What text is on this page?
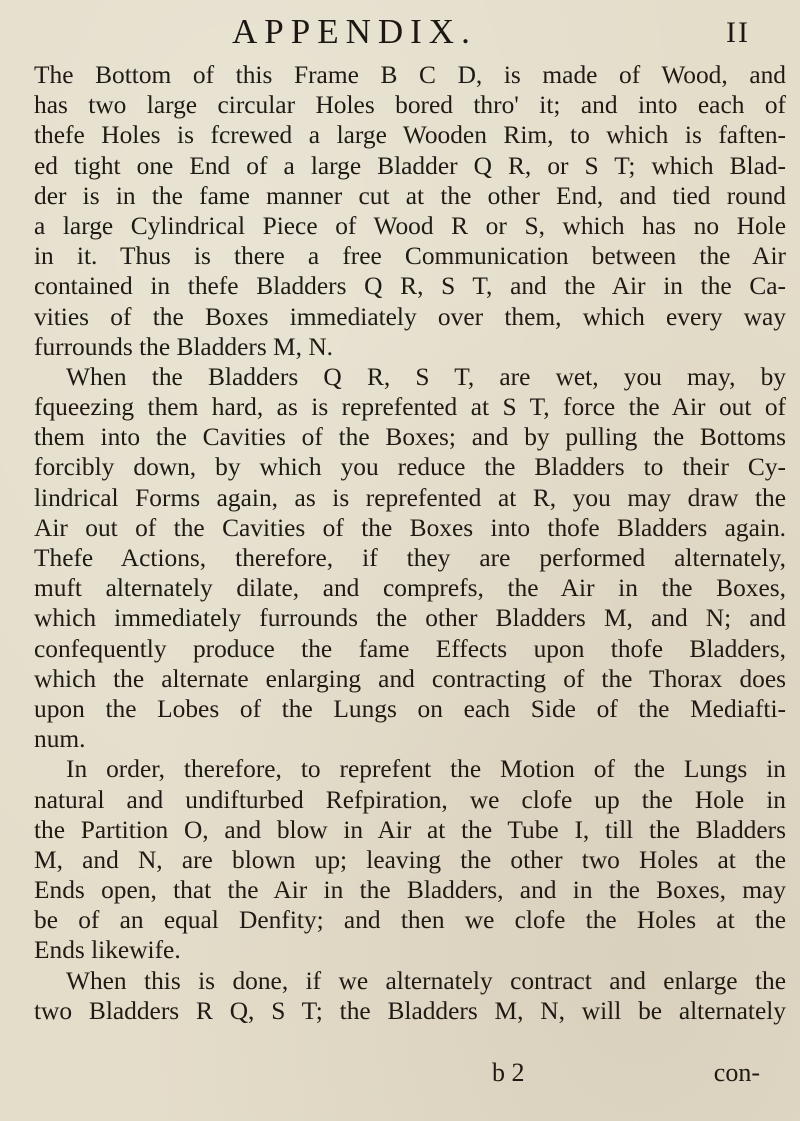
APPENDIX.	II
The Bottom of this Frame B C D, is made of Wood, and
has two large circular Holes bored thro' it; and into each of
thefe Holes is fcrewed a large Wooden Rim, to which is faften-
ed tight one End of a large Bladder Q R, or S T; which Blad-
der is in the fame manner cut at the other End, and tied round
a large Cylindrical Piece of Wood R or S, which has no Hole
in it. Thus is there a free Communication between the Air
contained in thefe Bladders Q R, S T, and the Air in the Ca-
vities of the Boxes immediately over them, which every way
furrounds the Bladders M, N.
When the Bladders Q R, S T, are wet, you may, by
fqueezing them hard, as is reprefented at S T, force the Air out of
them into the Cavities of the Boxes; and by pulling the Bottoms
forcibly down, by which you reduce the Bladders to their Cy-
lindrical Forms again, as is reprefented at R, you may draw the
Air out of the Cavities of the Boxes into thofe Bladders again.
Thefe Actions, therefore, if they are performed alternately,
muft alternately dilate, and comprefs, the Air in the Boxes,
which immediately furrounds the other Bladders M, and N; and
confequently produce the fame Effects upon thofe Bladders,
which the alternate enlarging and contracting of the Thorax does
upon the Lobes of the Lungs on each Side of the Mediafti-
num.
In order, therefore, to reprefent the Motion of the Lungs in
natural and undifturbed Refpiration, we clofe up the Hole in
the Partition O, and blow in Air at the Tube I, till the Bladders
M, and N, are blown up; leaving the other two Holes at the
Ends open, that the Air in the Bladders, and in the Boxes, may
be of an equal Denfity; and then we clofe the Holes at the
Ends likewife.
When this is done, if we alternately contract and enlarge the
two Bladders R Q, S T; the Bladders M, N, will be alternately
b 2	con-
